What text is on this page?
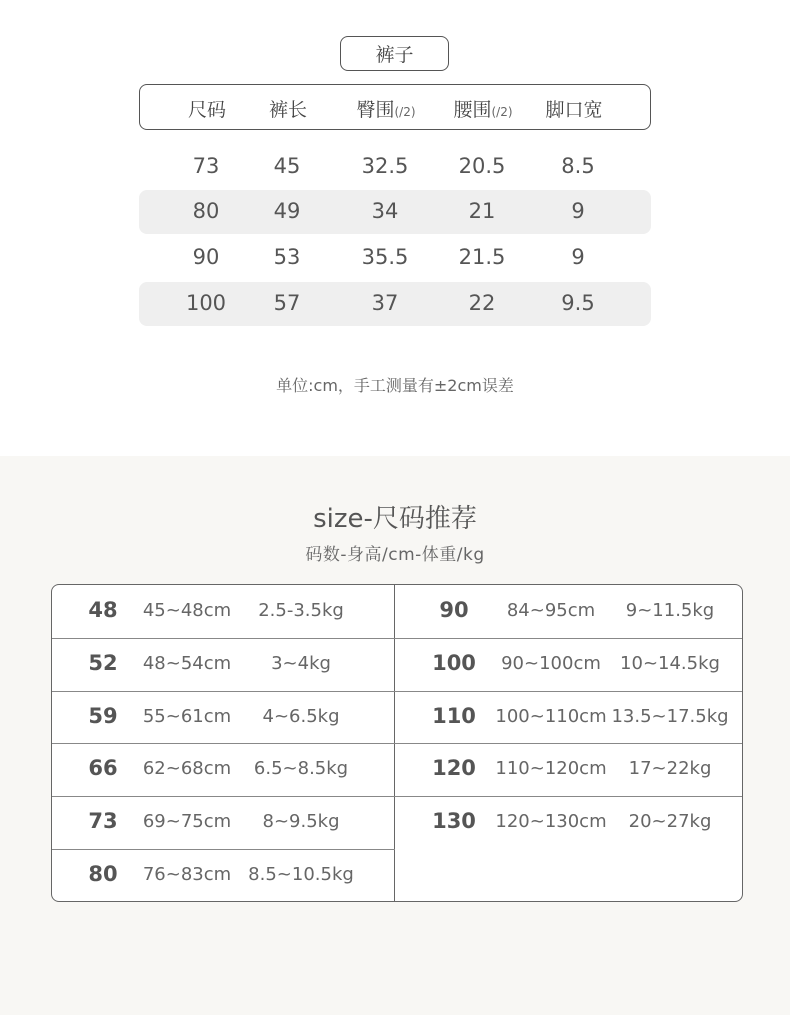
裤子
尺码 裤长	臀围(/2) 腰围(/2) 脚口宽
73	45	32.5 20.5	8.5
80	49	34	21	9
90	53	35.5 21.5	9
100 57	37	22	9.5
单位:cm，手工测量有±2cm误差
size-尺码推荐
码数-身高/cm-体重/kg
48 45~48cm 2.5-3.5kg
52 48~54cm 3~4kg
59 55~61cm 4~6.5kg
66 62~68cm 6.5~8.5kg
73 69~75cm 8~9.5kg
80 76~83cm 8.5~10.5kg
90 84~95cm 9~11.5kg
100 90~100cm 10~14.5kg
110 100~110cm 13.5~17.5kg
120 110~120cm 17~22kg
130 120~130cm 20~27kg
